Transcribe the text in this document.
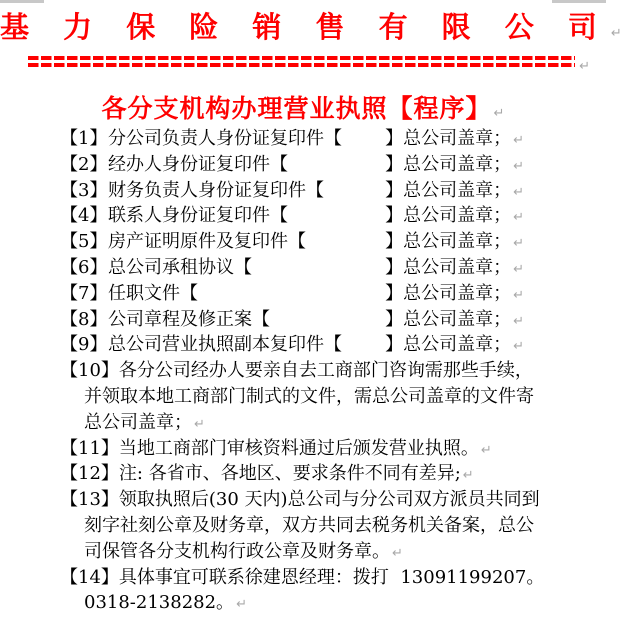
基 力 保 险 销 售 有 限 公 司 ↵
↵
各分支机构办理营业执照【程序】 ↵
【1】 分公司负责人身份证复印件 【 】 总公司盖章； ↵
【2】 经办人身份证复印件 【	】 总公司盖章； ↵
【3】 财务负责人身份证复印件 【	】 总公司盖章； ↵
【4】 联系人身份证复印件 【	】 总公司盖章； ↵
【5】 房产证明原件及复印件 【	】 总公司盖章； ↵
【6】 总公司承租协议 【	】 总公司盖章； ↵
【7】 任职文件 【	】 总公司盖章； ↵
【8】 公司章程及修正案 【	】 总公司盖章； ↵
【9】 总公司营业执照副本复印件 【 】 总公司盖章； ↵
【10】 各分公司经办人要亲自去工商部门咨询需那些手续，
并领取本地工商部门制式的文件，需总公司盖章的文件寄
总公司盖章； ↵
【11】 当地工商部门审核资料通过后颁发营业执照。 ↵
【12】 注: 各省市、各地区、要求条件不同有差异; ↵
【13】 领取执照后(30 天内)总公司与分公司双方派员共同到
刻字社刻公章及财务章，双方共同去税务机关备案，总公
司保管各分支机构行政公章及财务章。 ↵
【14】 具体事宜可联系徐建恩经理：拨打  13091199207。
0318-2138282。 ↵
